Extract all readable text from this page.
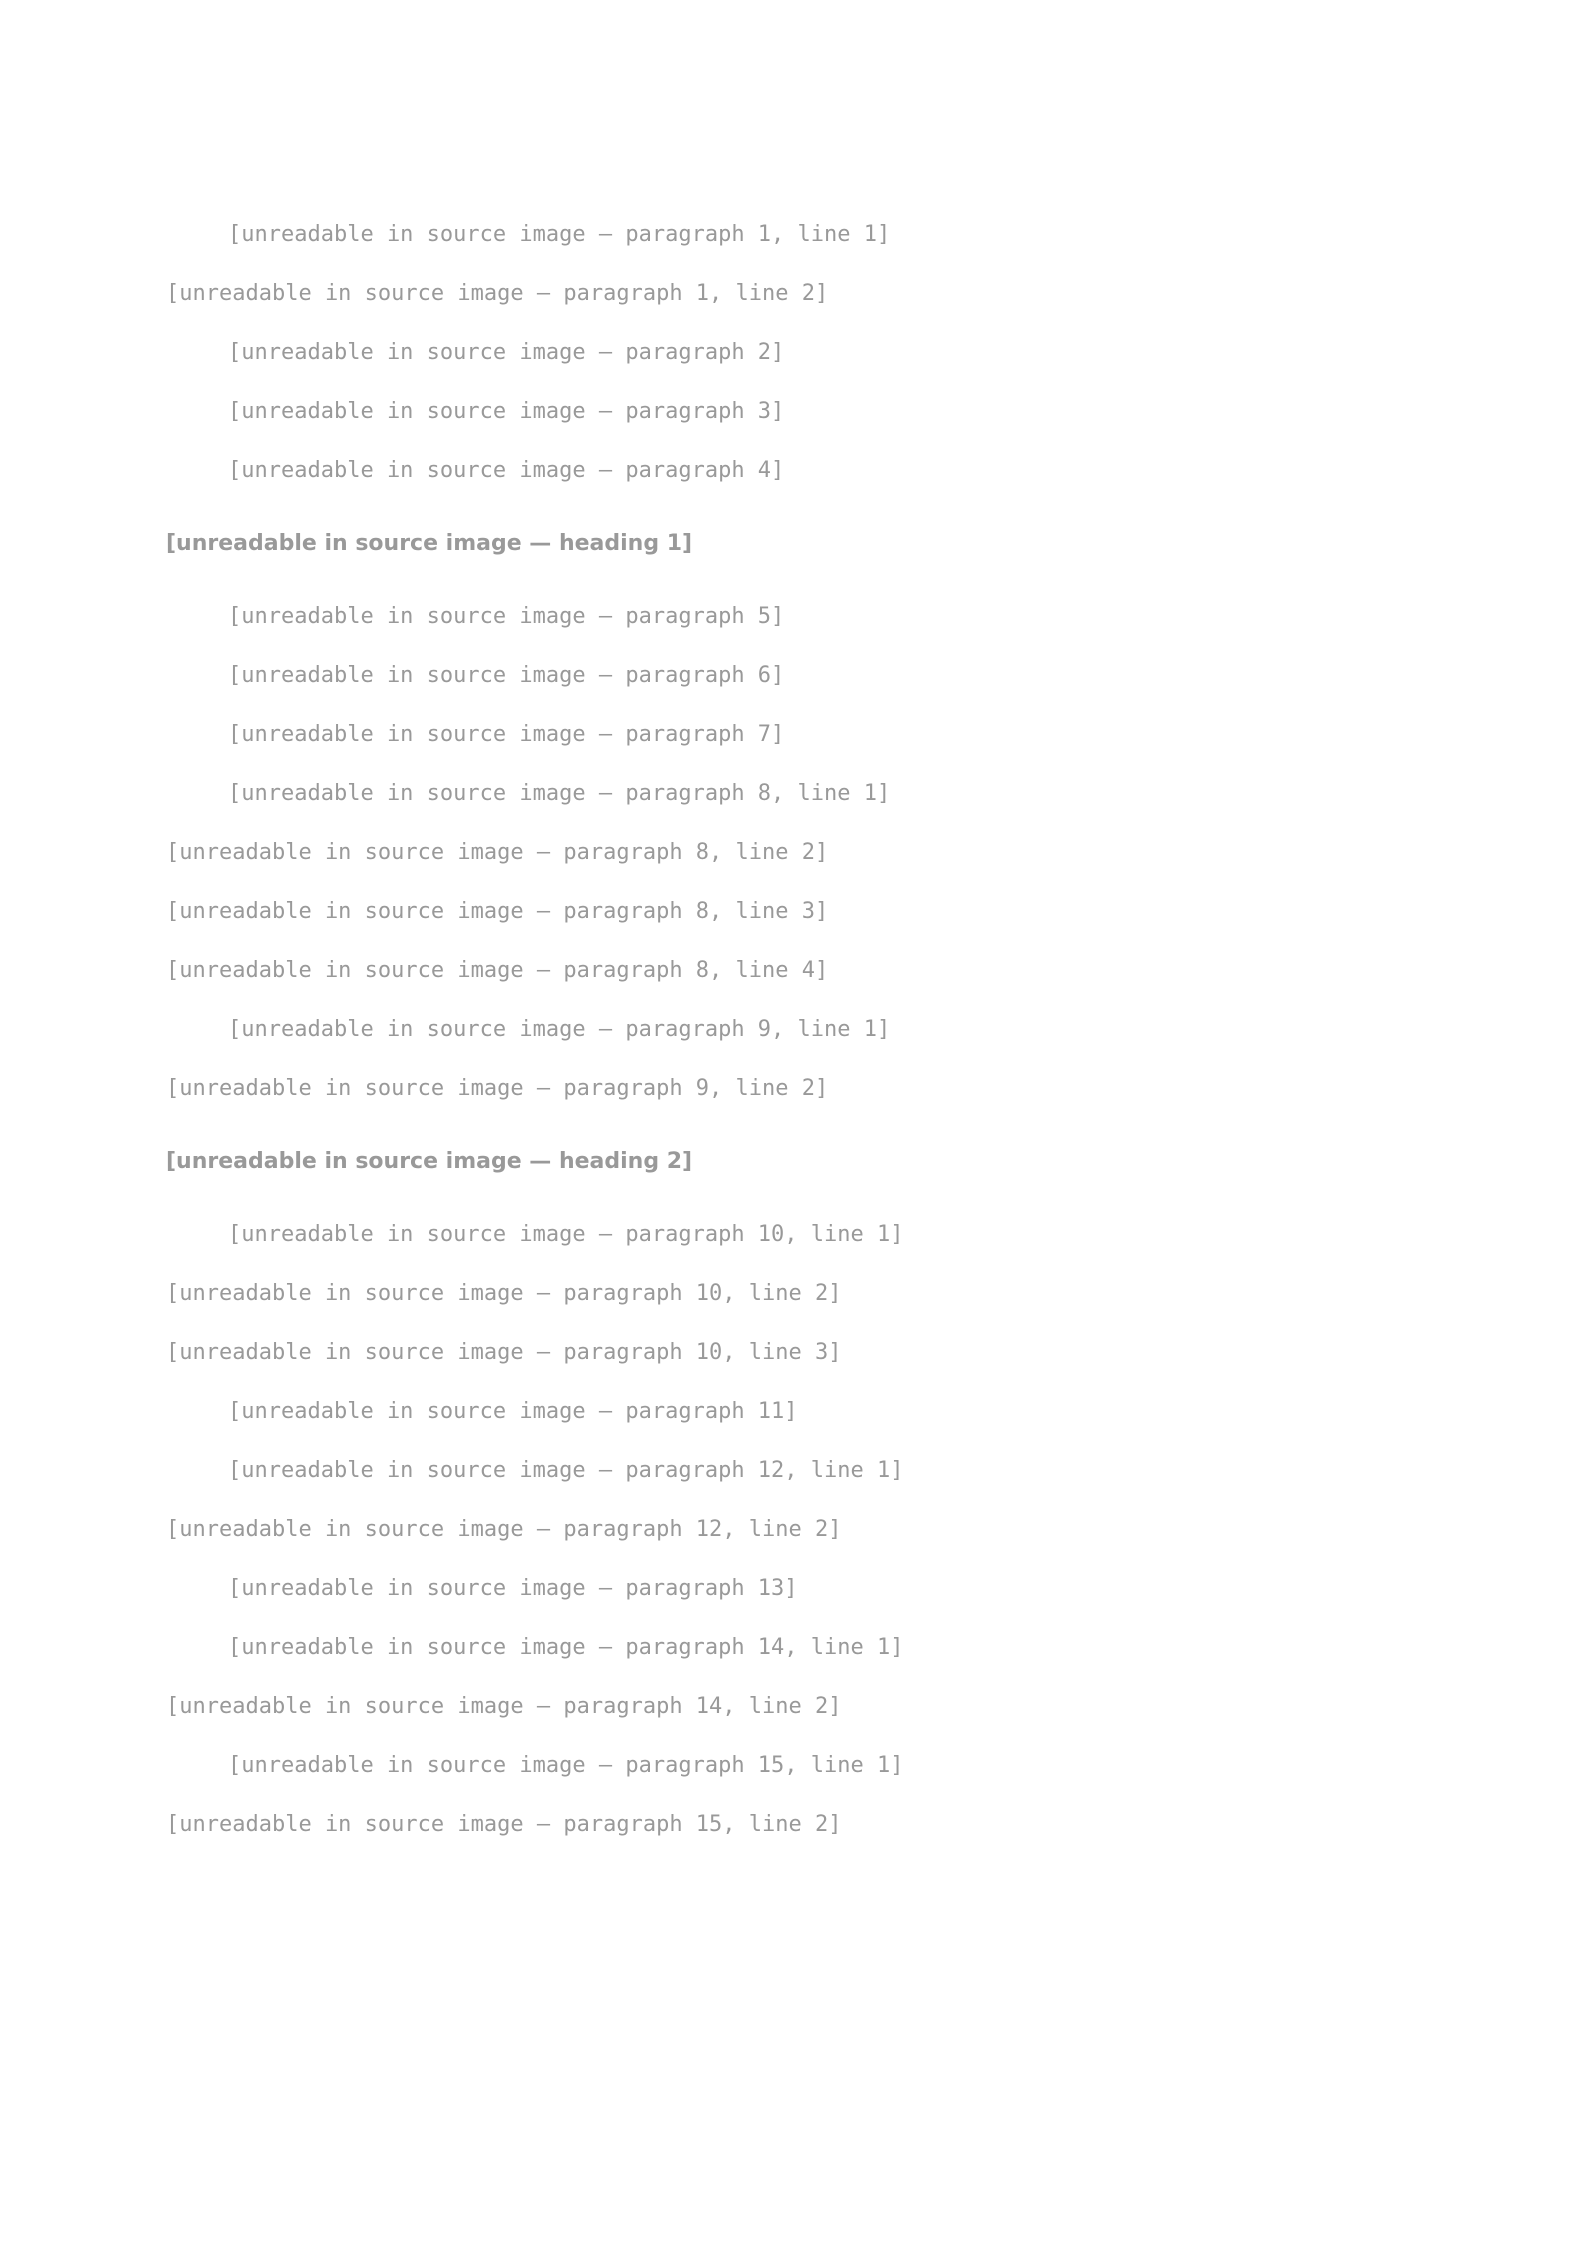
[unreadable in source image — paragraph 1, line 1]

[unreadable in source image — paragraph 1, line 2]

[unreadable in source image — paragraph 2]

[unreadable in source image — paragraph 3]

[unreadable in source image — paragraph 4]

[unreadable in source image — heading 1]

[unreadable in source image — paragraph 5]

[unreadable in source image — paragraph 6]

[unreadable in source image — paragraph 7]

[unreadable in source image — paragraph 8, line 1]

[unreadable in source image — paragraph 8, line 2]

[unreadable in source image — paragraph 8, line 3]

[unreadable in source image — paragraph 8, line 4]

[unreadable in source image — paragraph 9, line 1]

[unreadable in source image — paragraph 9, line 2]

[unreadable in source image — heading 2]

[unreadable in source image — paragraph 10, line 1]

[unreadable in source image — paragraph 10, line 2]

[unreadable in source image — paragraph 10, line 3]

[unreadable in source image — paragraph 11]

[unreadable in source image — paragraph 12, line 1]

[unreadable in source image — paragraph 12, line 2]

[unreadable in source image — paragraph 13]

[unreadable in source image — paragraph 14, line 1]

[unreadable in source image — paragraph 14, line 2]

[unreadable in source image — paragraph 15, line 1]

[unreadable in source image — paragraph 15, line 2]
